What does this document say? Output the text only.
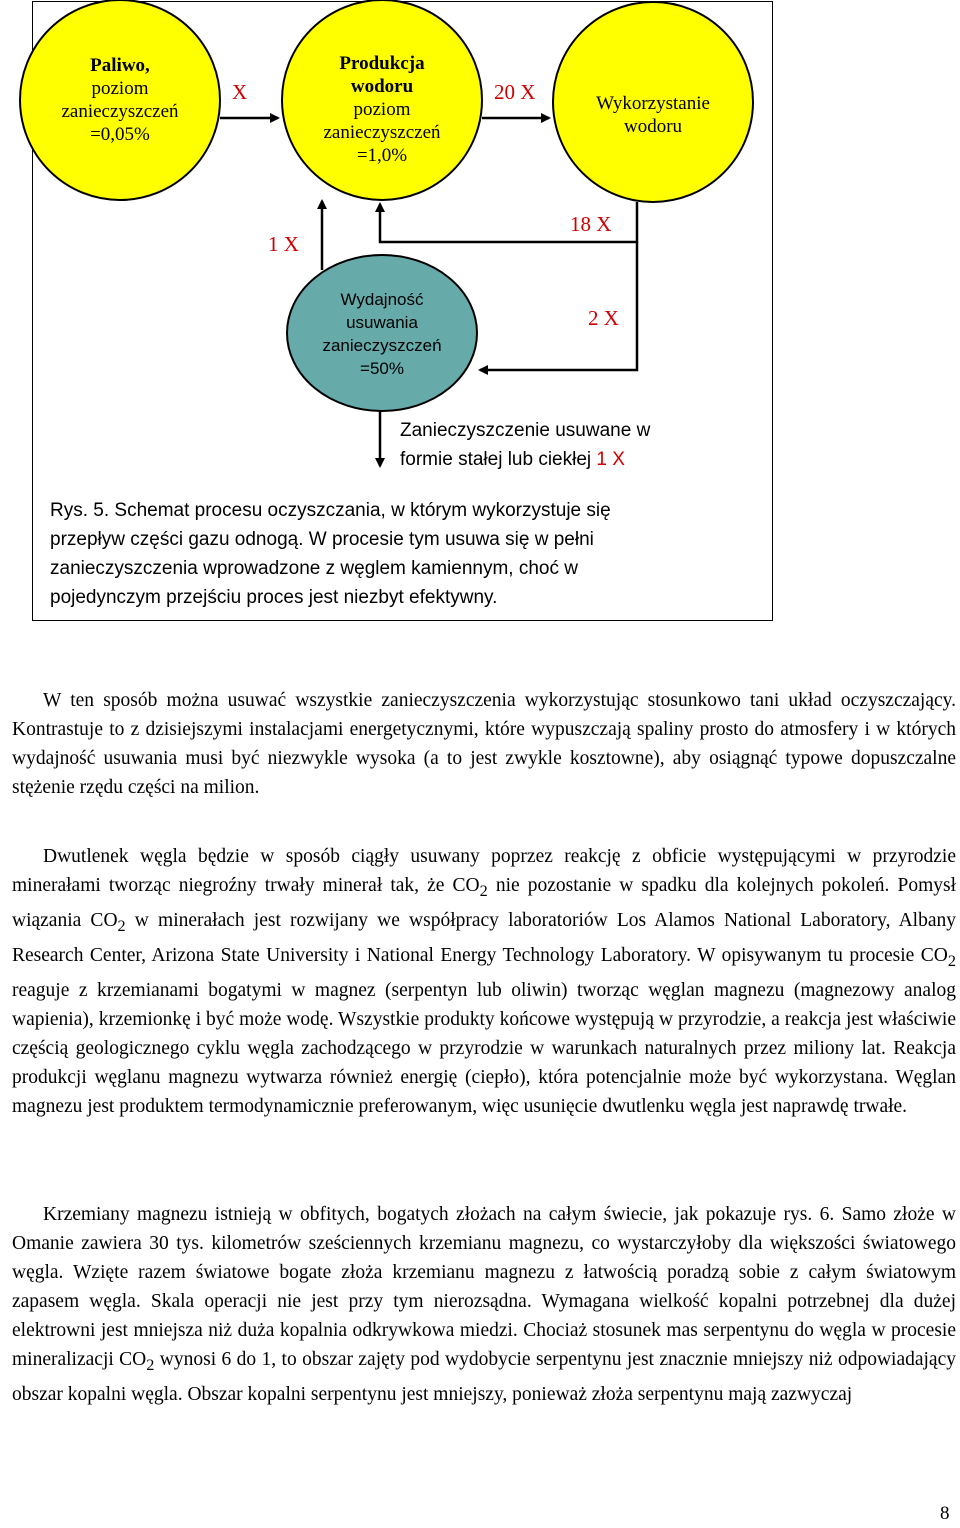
Paliwo,
poziom
zanieczyszczeń
=0,05%
Produkcja
wodoru
poziom
zanieczyszczeń
=1,0%
Wykorzystanie
wodoru
Wydajność
usuwania
zanieczyszczeń
=50%
X	20 X
1 X
18 X
2 X
Zanieczyszczenie usuwane w
formie stałej lub ciekłej 1 X
Rys. 5. Schemat procesu oczyszczania, w którym wykorzystuje się
przepływ części gazu odnogą. W procesie tym usuwa się w pełni
zanieczyszczenia wprowadzone z węglem kamiennym, choć w
pojedynczym przejściu proces jest niezbyt efektywny.
W ten sposób można usuwać wszystkie zanieczyszczenia wykorzystując stosunkowo tani układ oczyszczający. Kontrastuje to z dzisiejszymi instalacjami energetycznymi, które wypuszczają spaliny prosto do atmosfery i w których wydajność usuwania musi być niezwykle wysoka (a to jest zwykle kosztowne), aby osiągnąć typowe dopuszczalne stężenie rzędu części na milion.
Dwutlenek węgla będzie w sposób ciągły usuwany poprzez reakcję z obficie występującymi w przyrodzie minerałami tworząc niegroźny trwały minerał tak, że $CO_2$ nie pozostanie w spadku dla kolejnych pokoleń. Pomysł wiązania $CO_2$ w minerałach jest rozwijany we współpracy laboratoriów Los Alamos National Laboratory, Albany Research Center, Arizona State University i National Energy Technology Laboratory. W opisywanym tu procesie $CO_2$ reaguje z krzemianami bogatymi w magnez (serpentyn lub oliwin) tworząc węglan magnezu (magnezowy analog wapienia), krzemionkę i być może wodę. Wszystkie produkty końcowe występują w przyrodzie, a reakcja jest właściwie częścią geologicznego cyklu węgla zachodzącego w przyrodzie w warunkach naturalnych przez miliony lat. Reakcja produkcji węglanu magnezu wytwarza również energię (ciepło), która potencjalnie może być wykorzystana. Węglan magnezu jest produktem termodynamicznie preferowanym, więc usunięcie dwutlenku węgla jest naprawdę trwałe.
Krzemiany magnezu istnieją w obfitych, bogatych złożach na całym świecie, jak pokazuje rys. 6. Samo złoże w Omanie zawiera 30 tys. kilometrów sześciennych krzemianu magnezu, co wystarczyłoby dla większości światowego węgla. Wzięte razem światowe bogate złoża krzemianu magnezu z łatwością poradzą sobie z całym światowym zapasem węgla. Skala operacji nie jest przy tym nierozsądna. Wymagana wielkość kopalni potrzebnej dla dużej elektrowni jest mniejsza niż duża kopalnia odkrywkowa miedzi. Chociaż stosunek mas serpentynu do węgla w procesie mineralizacji $CO_2$ wynosi 6 do 1, to obszar zajęty pod wydobycie serpentynu jest znacznie mniejszy niż odpowiadający obszar kopalni węgla. Obszar kopalni serpentynu jest mniejszy, ponieważ złoża serpentynu mają zazwyczaj
8
